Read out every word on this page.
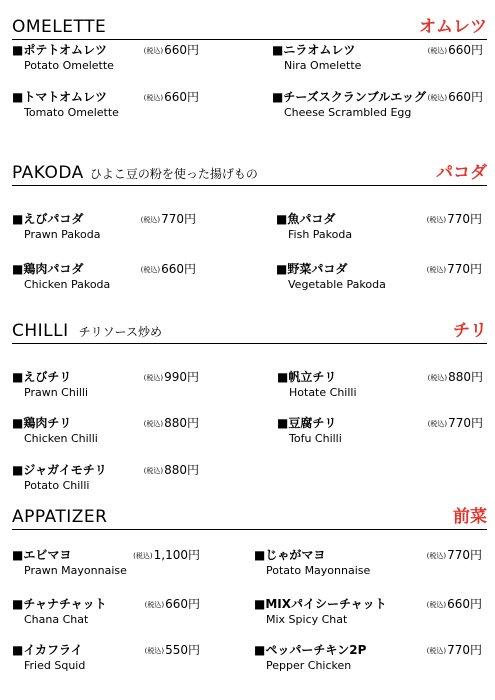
OMELETTE	オムレツ
■ポテトオムレツ	(税込)660円
Potato Omelette
■ニラオムレツ	(税込)660円
Nira Omelette
■トマトオムレツ	(税込)660円
Tomato Omelette
■チーズスクランブルエッグ (税込)660円
Cheese Scrambled Egg
PAKODA ひよこ豆の粉を使った揚げもの	パコダ
■えびパコダ	(税込)770円
Prawn Pakoda
■魚パコダ	(税込)770円
Fish Pakoda
■鶏肉パコダ	(税込)660円
Chicken Pakoda
■野菜パコダ	(税込)770円
Vegetable Pakoda
CHILLI チリソース炒め	チリ
■えびチリ	(税込)990円
Prawn Chilli
■帆立チリ	(税込)880円
Hotate Chilli
■鶏肉チリ	(税込)880円
Chicken Chilli
■豆腐チリ	(税込)770円
Tofu Chilli
■ジャガイモチリ	(税込)880円
Potato Chilli
APPATIZER	前菜
■エビマヨ	(税込)1,100円
Prawn Mayonnaise
■じゃがマヨ	(税込)770円
Potato Mayonnaise
■チャナチャット	(税込)660円
Chana Chat
■MIXパイシーチャット	(税込)660円
Mix Spicy Chat
■イカフライ	(税込)550円
Fried Squid
■ペッパーチキン2P	(税込)770円
Pepper Chicken
